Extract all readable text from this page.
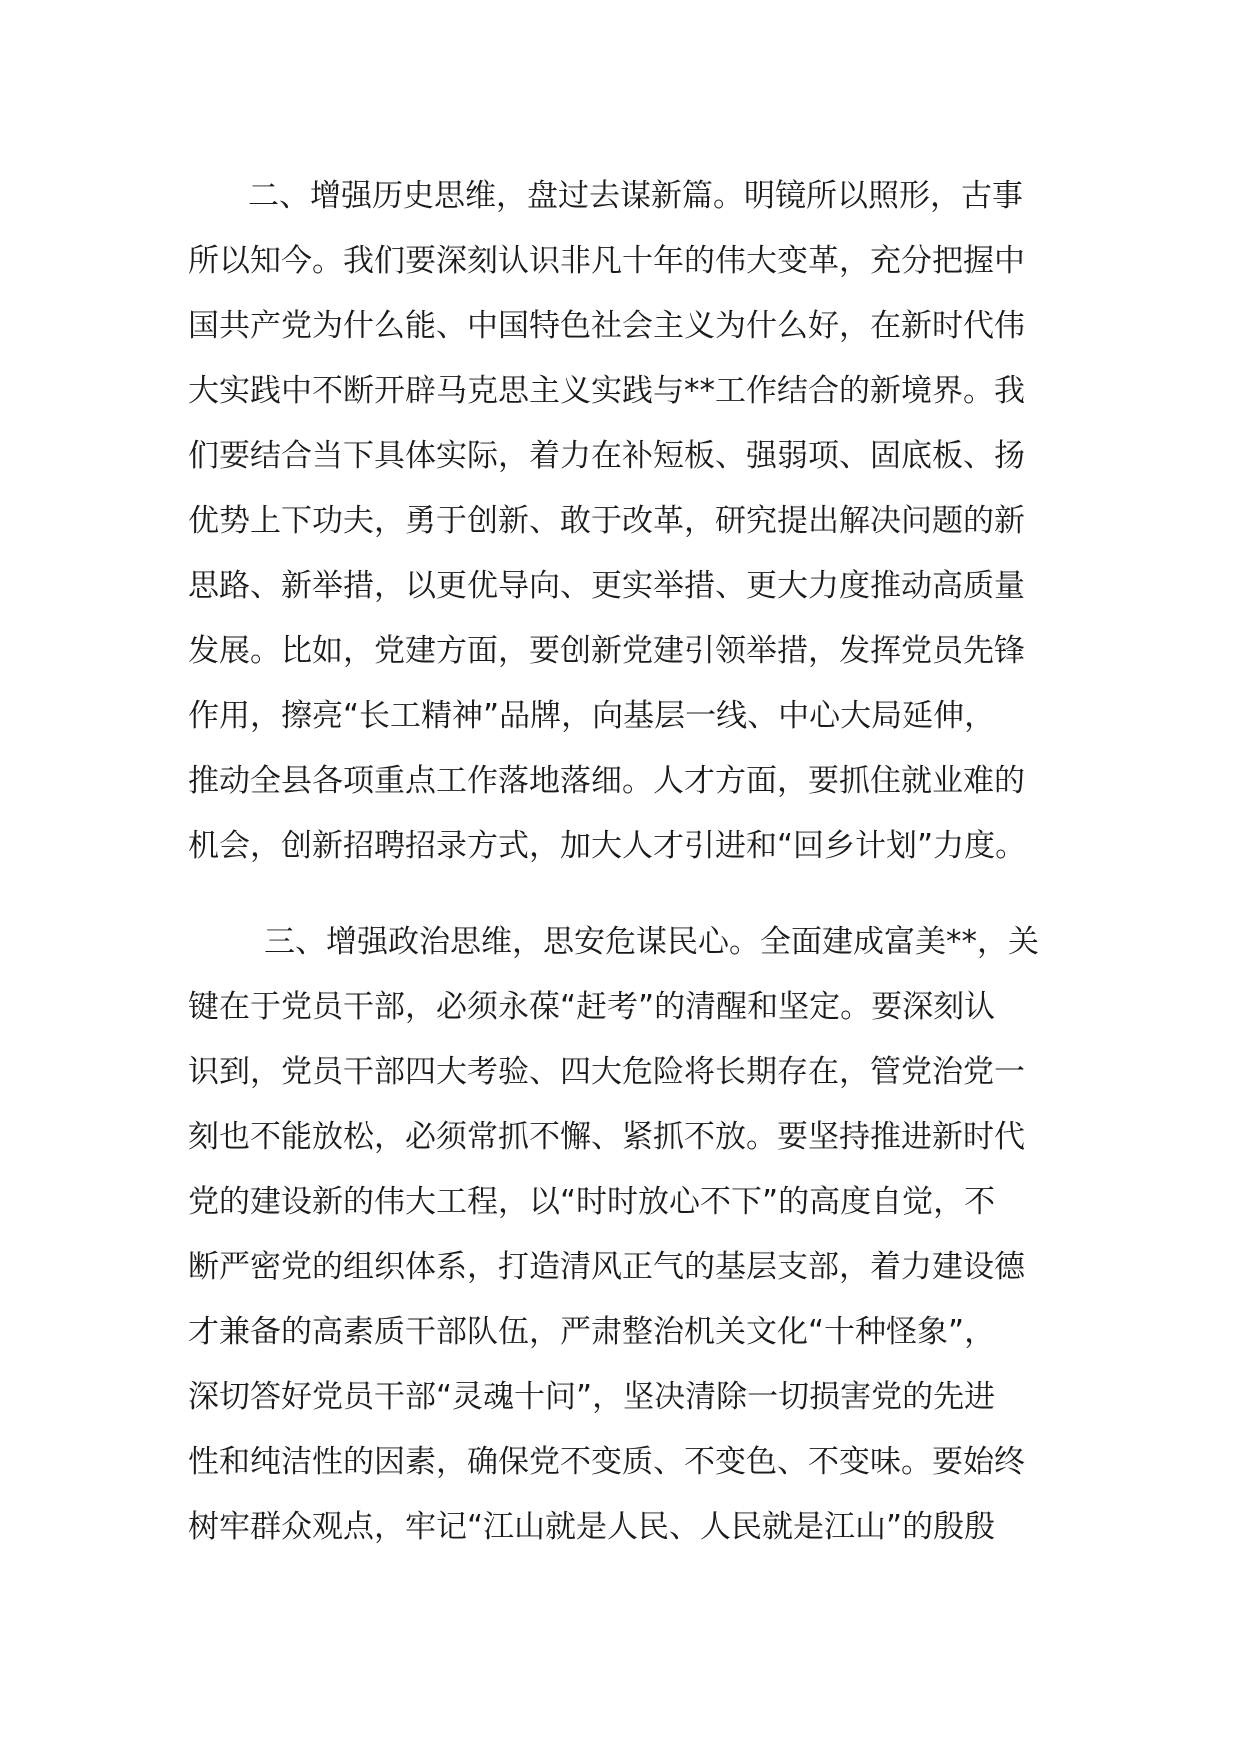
二、增强历史思维，盘过去谋新篇。明镜所以照形，古事
所以知今。我们要深刻认识非凡十年的伟大变革，充分把握中
国共产党为什么能、中国特色社会主义为什么好，在新时代伟
大实践中不断开辟马克思主义实践与**工作结合的新境界。我
们要结合当下具体实际，着力在补短板、强弱项、固底板、扬
优势上下功夫，勇于创新、敢于改革，研究提出解决问题的新
思路、新举措，以更优导向、更实举措、更大力度推动高质量
发展。比如，党建方面，要创新党建引领举措，发挥党员先锋
作用，擦亮“长工精神”品牌，向基层一线、中心大局延伸，
推动全县各项重点工作落地落细。人才方面，要抓住就业难的
机会，创新招聘招录方式，加大人才引进和“回乡计划”力度。
三、增强政治思维，思安危谋民心。全面建成富美**，关
键在于党员干部，必须永葆“赶考”的清醒和坚定。要深刻认
识到，党员干部四大考验、四大危险将长期存在，管党治党一
刻也不能放松，必须常抓不懈、紧抓不放。要坚持推进新时代
党的建设新的伟大工程，以“时时放心不下”的高度自觉，不
断严密党的组织体系，打造清风正气的基层支部，着力建设德
才兼备的高素质干部队伍，严肃整治机关文化“十种怪象”，
深切答好党员干部“灵魂十问”，坚决清除一切损害党的先进
性和纯洁性的因素，确保党不变质、不变色、不变味。要始终
树牢群众观点，牢记“江山就是人民、人民就是江山”的殷殷
